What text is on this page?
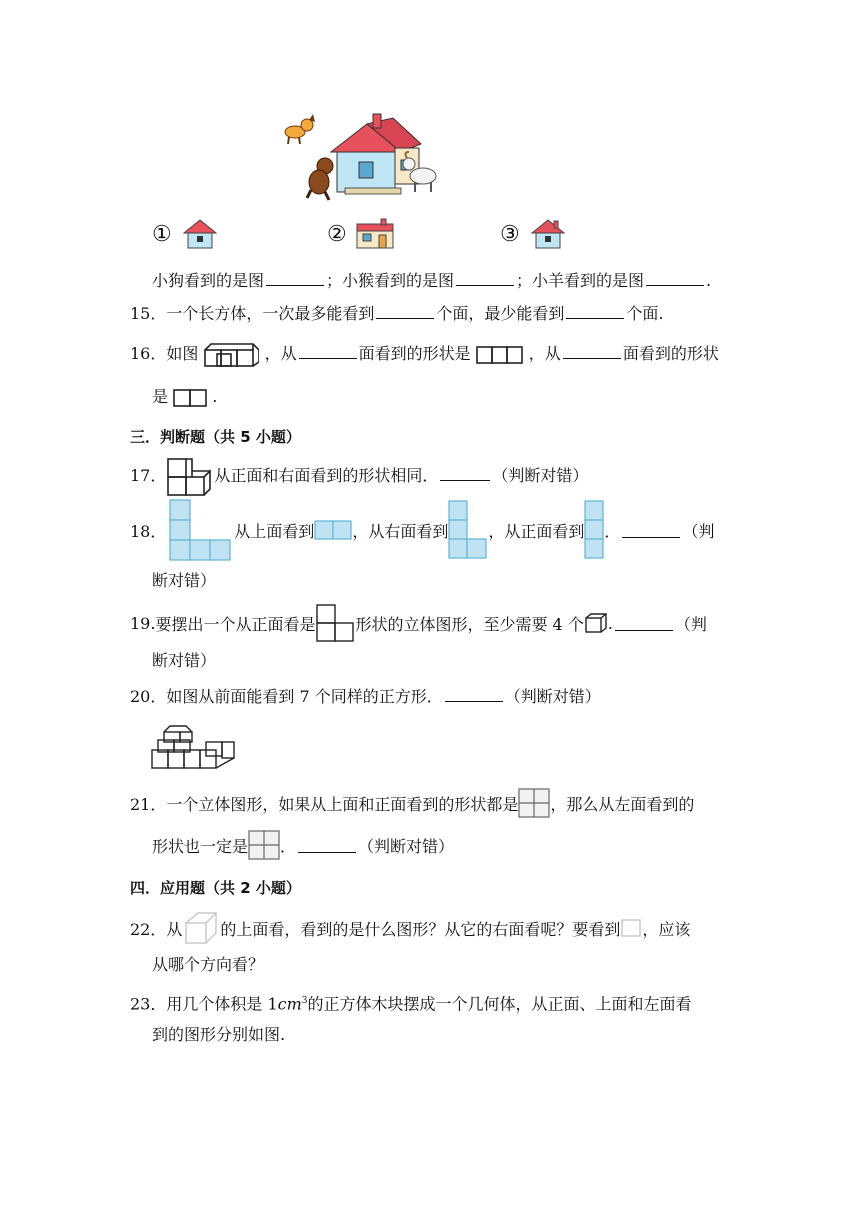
①	②	③
小狗看到的是图	；小猴看到的是图	；小羊看到的是图	.
15．一个长方体，一次最多能看到	个面，最少能看到	个面.
16．如图	，从	面看到的形状是	，从	面看到的形状
是	.
三．判断题（共 5 小题）
17．	从正面和右面看到的形状相同．	（判断对错）
18．	从上面看到 ，从右面看到	，从正面看到 ．	（判
断对错）
19. 要摆出一个从正面看是	形状的立体图形，至少需要 4 个 .	（判
断对错）
20．如图从前面能看到 7 个同样的正方形．	（判断对错）
21． 一个立体图形，如果从上面和正面看到的形状都是 ，那么从左面看到的
形状也一定是 ．	（判断对错）
四．应用题（共 2 小题）
22． 从 的上面看，看到的是什么图形？从它的右面看呢？要看到 ，应该
从哪个方向看？
23．用几个体积是 $1cm^3$的正方体木块摆成一个几何体，从正面、上面和左面看
到的图形分别如图.
